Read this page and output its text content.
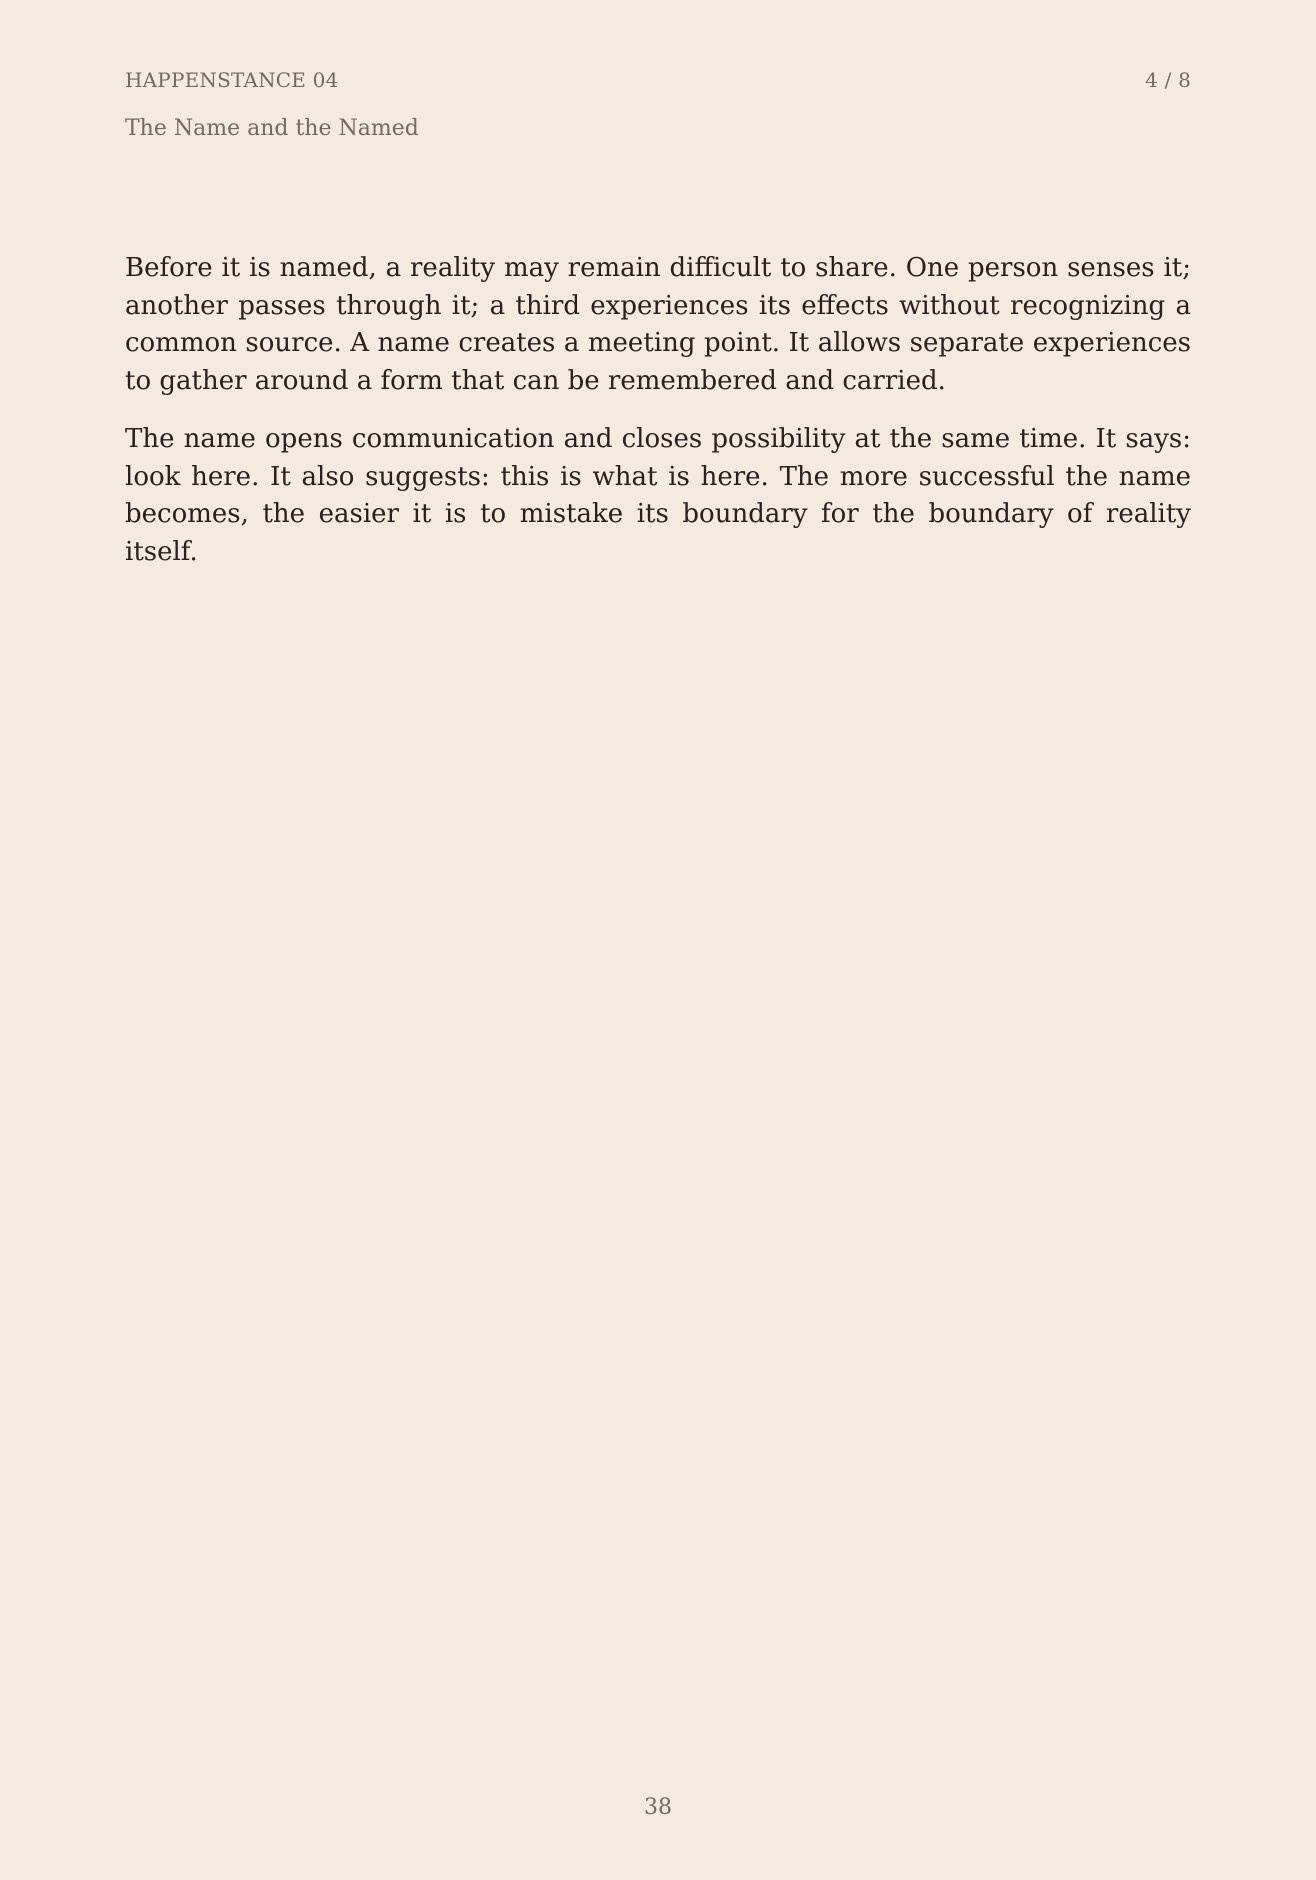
HAPPENSTANCE 04	4 / 8
The Name and the Named

Before it is named, a reality may remain difficult to share. One person senses it; another passes through it; a third experiences its effects without recognizing a common source. A name creates a meeting point. It allows separate experiences to gather around a form that can be remembered and carried.

The name opens communication and closes possibility at the same time. It says: look here. It also suggests: this is what is here. The more successful the name becomes, the easier it is to mistake its boundary for the boundary of reality itself.

38
